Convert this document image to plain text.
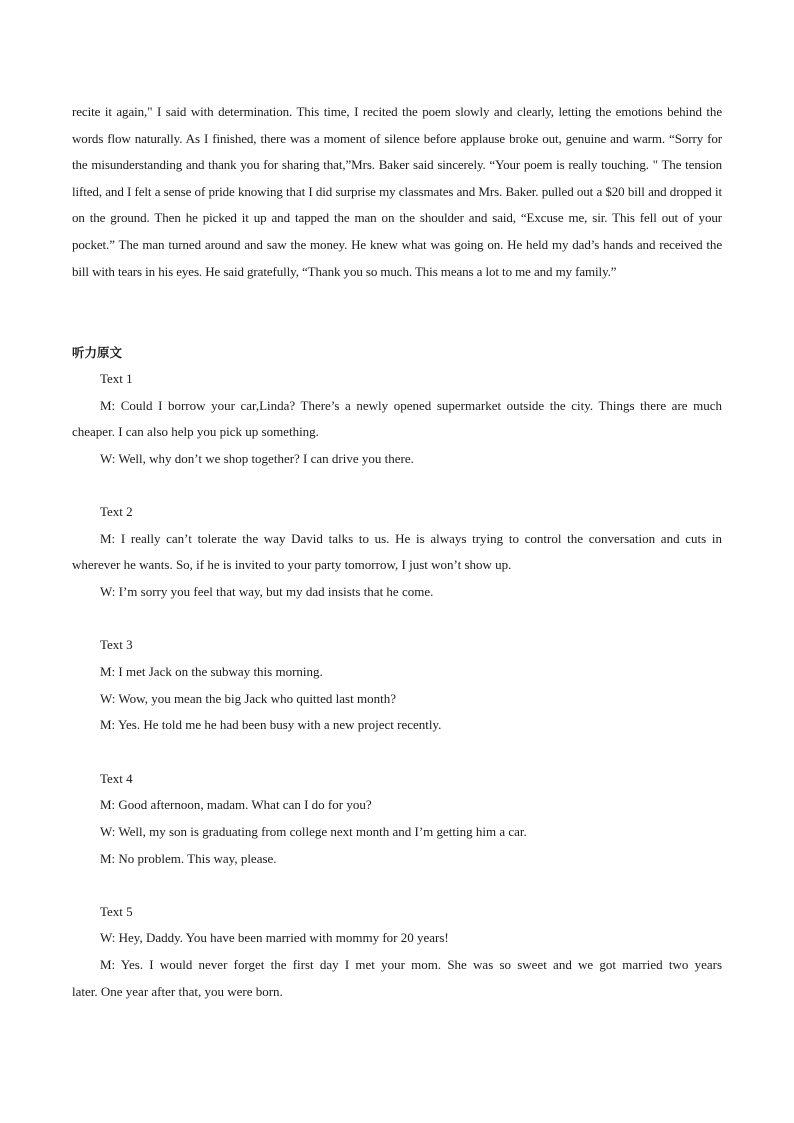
recite it again," I said with determination. This time, I recited the poem slowly and clearly, letting the emotions behind the words flow naturally. As I finished, there was a moment of silence before applause broke out, genuine and warm. “Sorry for the misunderstanding and thank you for sharing that,”Mrs. Baker said sincerely. “Your poem is really touching. " The tension lifted, and I felt a sense of pride knowing that I did surprise my classmates and Mrs. Baker. pulled out a $20 bill and dropped it on the ground. Then he picked it up and tapped the man on the shoulder and said, “Excuse me, sir. This fell out of your pocket.” The man turned around and saw the money. He knew what was going on. He held my dad’s hands and received the bill with tears in his eyes. He said gratefully, “Thank you so much. This means a lot to me and my family.”

听力原文
Text 1
M: Could I borrow your car,Linda? There’s a newly opened supermarket outside the city. Things there are much
cheaper. I can also help you pick up something.
W: Well, why don’t we shop together? I can drive you there.
Text 2
M: I really can’t tolerate the way David talks to us. He is always trying to control the conversation and cuts in
wherever he wants. So, if he is invited to your party tomorrow, I just won’t show up.
W: I’m sorry you feel that way, but my dad insists that he come.
Text 3
M: I met Jack on the subway this morning.
W: Wow, you mean the big Jack who quitted last month?
M: Yes. He told me he had been busy with a new project recently.
Text 4
M: Good afternoon, madam. What can I do for you?
W: Well, my son is graduating from college next month and I’m getting him a car.
M: No problem. This way, please.
Text 5
W: Hey, Daddy. You have been married with mommy for 20 years!
M: Yes. I would never forget the first day I met your mom. She was so sweet and we got married two years
later. One year after that, you were born.
